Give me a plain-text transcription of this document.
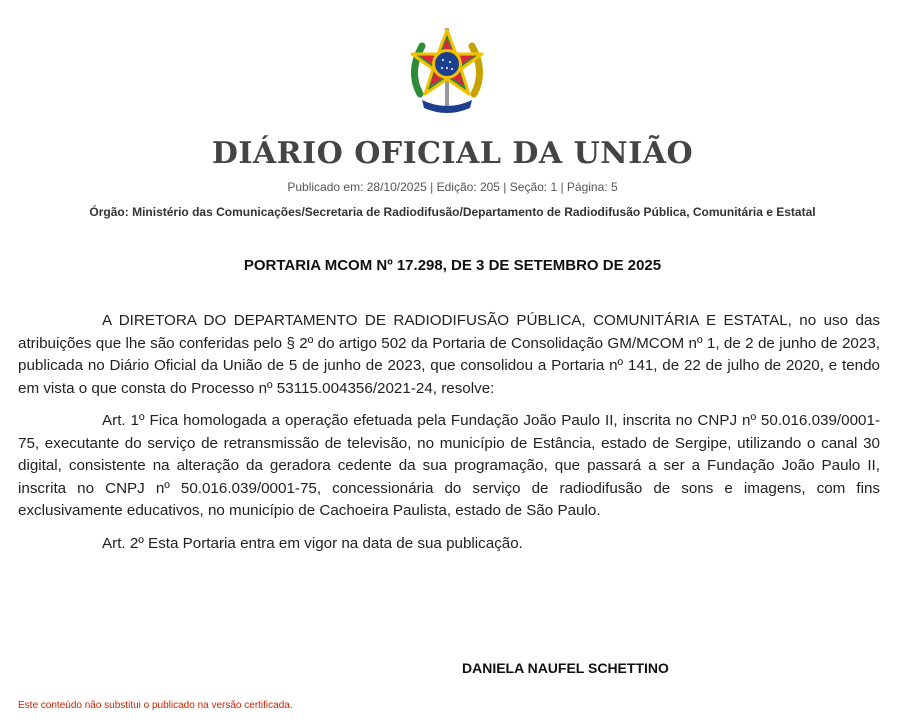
DIÁRIO OFICIAL DA UNIÃO
Publicado em: 28/10/2025 | Edição: 205 | Seção: 1 | Página: 5
Órgão: Ministério das Comunicações/Secretaria de Radiodifusão/Departamento de Radiodifusão Pública, Comunitária e Estatal
PORTARIA MCOM Nº 17.298, DE 3 DE SETEMBRO DE 2025

A DIRETORA DO DEPARTAMENTO DE RADIODIFUSÃO PÚBLICA, COMUNITÁRIA E ESTATAL, no uso das atribuições que lhe são conferidas pelo § 2º do artigo 502 da Portaria de Consolidação GM/MCOM nº 1, de 2 de junho de 2023, publicada no Diário Oficial da União de 5 de junho de 2023, que consolidou a Portaria nº 141, de 22 de julho de 2020, e tendo em vista o que consta do Processo nº 53115.004356/2021-24, resolve:

Art. 1º Fica homologada a operação efetuada pela Fundação João Paulo II, inscrita no CNPJ nº 50.016.039/0001-75, executante do serviço de retransmissão de televisão, no município de Estância, estado de Sergipe, utilizando o canal 30 digital, consistente na alteração da geradora cedente da sua programação, que passará a ser a Fundação João Paulo II, inscrita no CNPJ nº 50.016.039/0001-75, concessionária do serviço de radiodifusão de sons e imagens, com fins exclusivamente educativos, no município de Cachoeira Paulista, estado de São Paulo.

Art. 2º Esta Portaria entra em vigor na data de sua publicação.

DANIELA NAUFEL SCHETTINO
Este conteúdo não substitui o publicado na versão certificada.
